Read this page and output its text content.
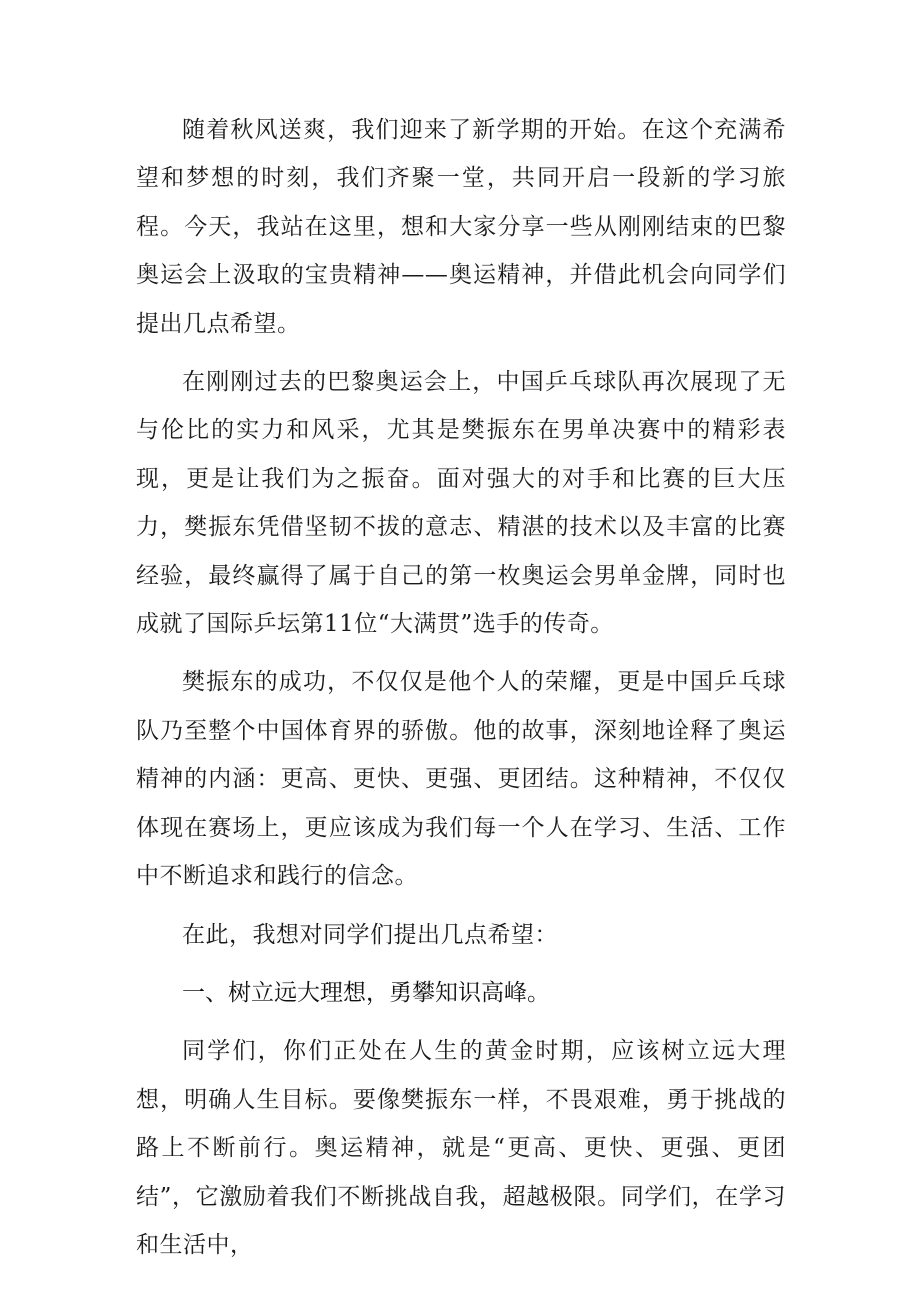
随着秋风送爽，我们迎来了新学期的开始。在这个充满希望和梦想的时刻，我们齐聚一堂，共同开启一段新的学习旅程。今天，我站在这里，想和大家分享一些从刚刚结束的巴黎奥运会上汲取的宝贵精神——奥运精神，并借此机会向同学们提出几点希望。

在刚刚过去的巴黎奥运会上，中国乒乓球队再次展现了无与伦比的实力和风采，尤其是樊振东在男单决赛中的精彩表现，更是让我们为之振奋。面对强大的对手和比赛的巨大压力，樊振东凭借坚韧不拔的意志、精湛的技术以及丰富的比赛经验，最终赢得了属于自己的第一枚奥运会男单金牌，同时也成就了国际乒坛第11位“大满贯”选手的传奇。

樊振东的成功，不仅仅是他个人的荣耀，更是中国乒乓球队乃至整个中国体育界的骄傲。他的故事，深刻地诠释了奥运精神的内涵：更高、更快、更强、更团结。这种精神，不仅仅体现在赛场上，更应该成为我们每一个人在学习、生活、工作中不断追求和践行的信念。

在此，我想对同学们提出几点希望：

一、树立远大理想，勇攀知识高峰。

同学们，你们正处在人生的黄金时期，应该树立远大理想，明确人生目标。要像樊振东一样，不畏艰难，勇于挑战的路上不断前行。奥运精神，就是“更高、更快、更强、更团结”，它激励着我们不断挑战自我，超越极限。同学们，在学习和生活中，
